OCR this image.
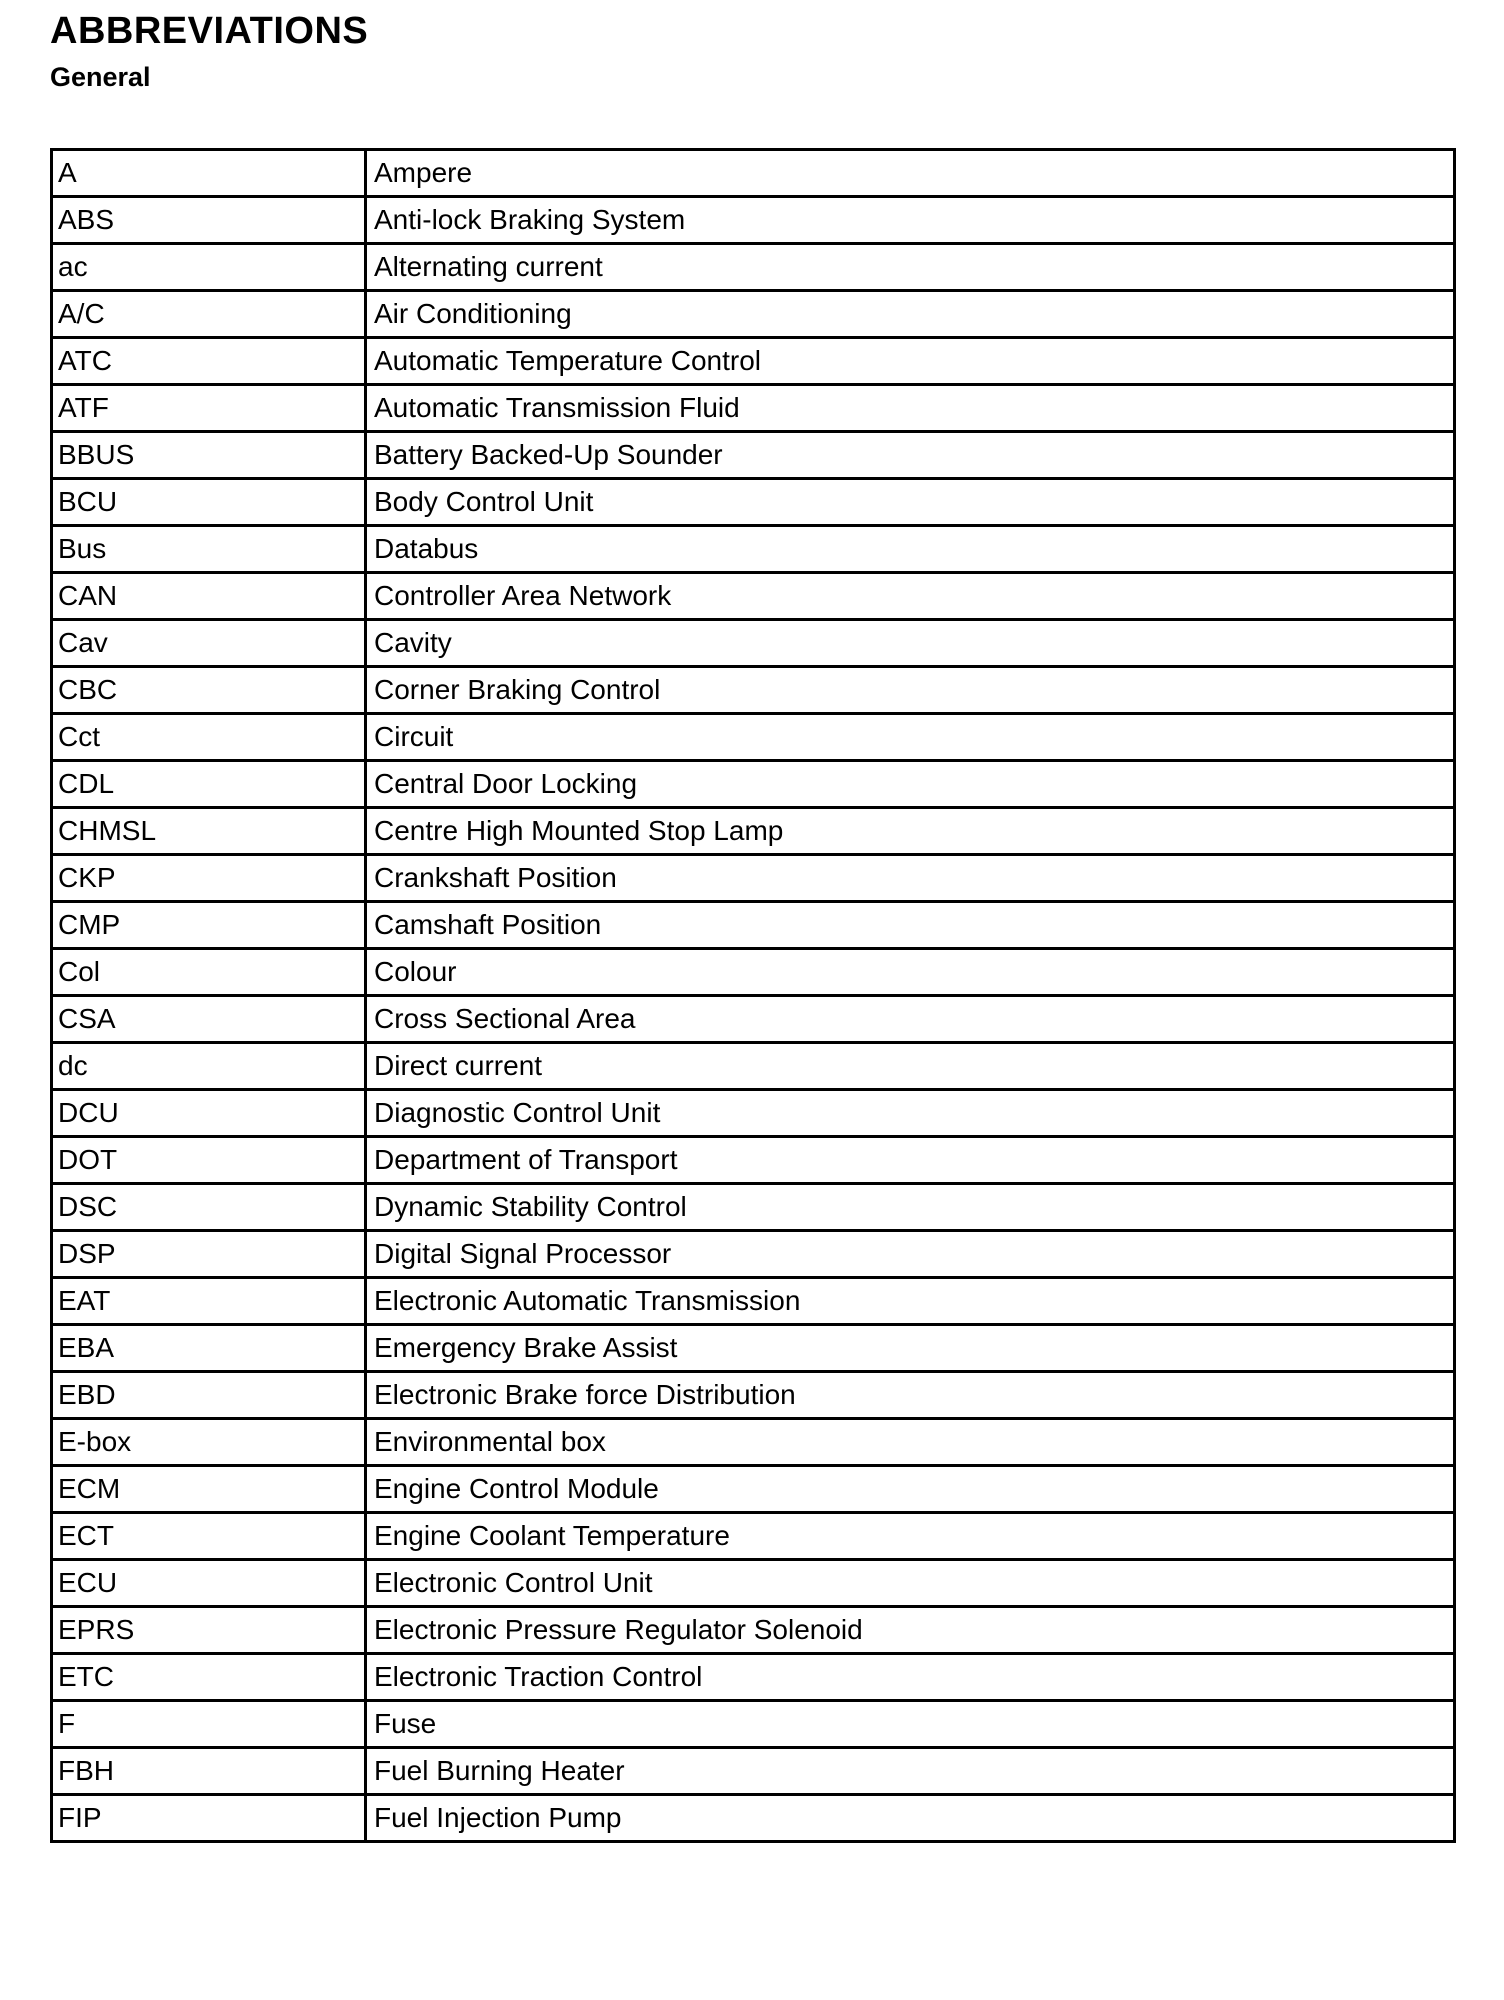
ABBREVIATIONS
General
A	Ampere
ABS	Anti-lock Braking System
ac	Alternating current
A/C	Air Conditioning
ATC	Automatic Temperature Control
ATF	Automatic Transmission Fluid
BBUS	Battery Backed-Up Sounder
BCU	Body Control Unit
Bus	Databus
CAN	Controller Area Network
Cav	Cavity
CBC	Corner Braking Control
Cct	Circuit
CDL	Central Door Locking
CHMSL	Centre High Mounted Stop Lamp
CKP	Crankshaft Position
CMP	Camshaft Position
Col	Colour
CSA	Cross Sectional Area
dc	Direct current
DCU	Diagnostic Control Unit
DOT	Department of Transport
DSC	Dynamic Stability Control
DSP	Digital Signal Processor
EAT	Electronic Automatic Transmission
EBA	Emergency Brake Assist
EBD	Electronic Brake force Distribution
E-box	Environmental box
ECM	Engine Control Module
ECT	Engine Coolant Temperature
ECU	Electronic Control Unit
EPRS	Electronic Pressure Regulator Solenoid
ETC	Electronic Traction Control
F	Fuse
FBH	Fuel Burning Heater
FIP	Fuel Injection Pump
